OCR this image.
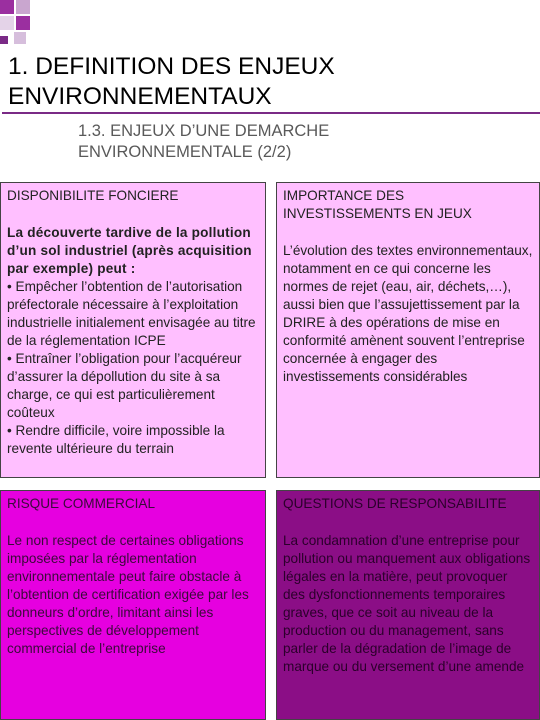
1. DEFINITION DES ENJEUX
ENVIRONNEMENTAUX
1.3. ENJEUX D’UNE DEMARCHE
ENVIRONNEMENTALE (2/2)
DISPONIBILITE FONCIERE
La découverte tardive de la pollution d’un sol industriel (après acquisition par exemple) peut :
• Empêcher l’obtention de l’autorisation préfectorale nécessaire à l’exploitation industrielle initialement envisagée au titre de la réglementation ICPE
• Entraîner l’obligation pour l’acquéreur d’assurer la dépollution du site à sa charge, ce qui est particulièrement coûteux
• Rendre difficile, voire impossible la revente ultérieure du terrain
IMPORTANCE DES
INVESTISSEMENTS EN JEUX
L’évolution des textes environnementaux, notamment en ce qui concerne les normes de rejet (eau, air, déchets,…), aussi bien que l’assujettissement par la DRIRE à des opérations de mise en conformité amènent souvent l’entreprise concernée à engager des investissements considérables
RISQUE COMMERCIAL
Le non respect de certaines obligations imposées par la réglementation environnementale peut faire obstacle à l’obtention de certification exigée par les donneurs d’ordre, limitant ainsi les perspectives de développement commercial de l’entreprise
QUESTIONS DE RESPONSABILITE
La condamnation d’une entreprise pour pollution ou manquement aux obligations légales en la matière, peut provoquer des dysfonctionnements temporaires graves, que ce soit au niveau de la production ou du management, sans parler de la dégradation de l’image de marque ou du versement d’une amende
